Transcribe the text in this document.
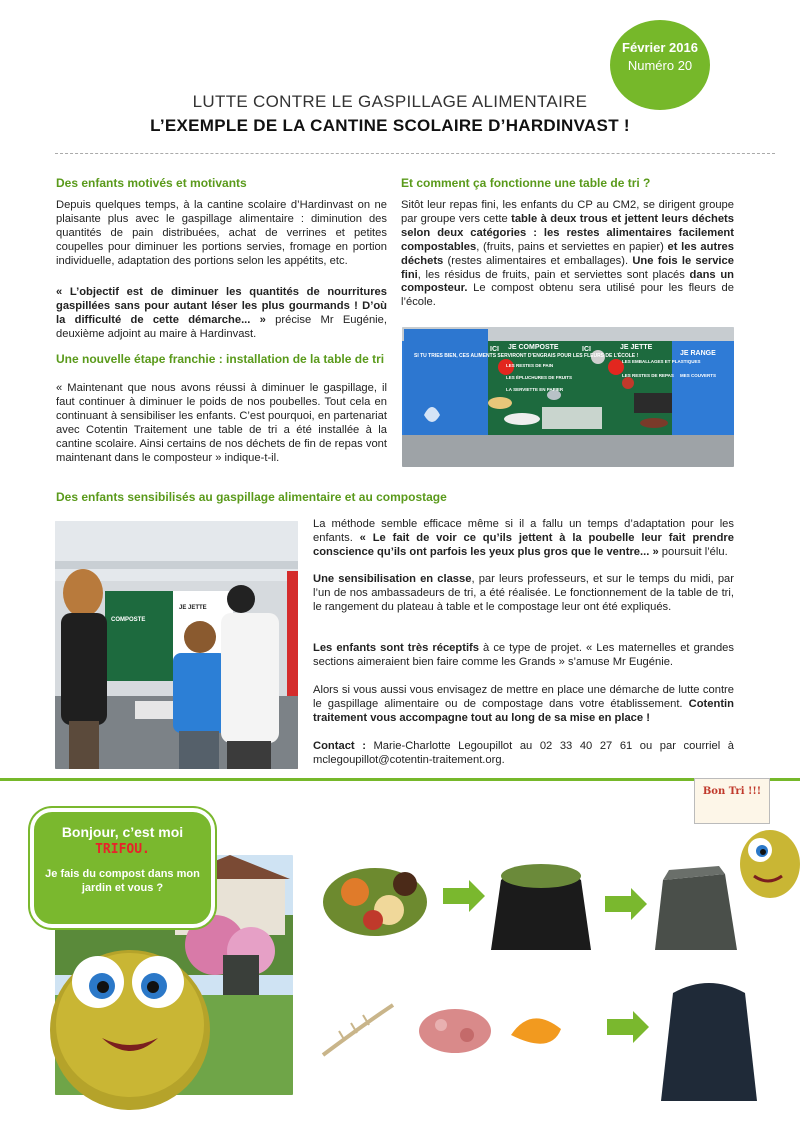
Février 2016
Numéro 20
LUTTE CONTRE LE GASPILLAGE ALIMENTAIRE
L’EXEMPLE DE LA CANTINE SCOLAIRE D’HARDINVAST !
Des enfants motivés et motivants
Depuis quelques temps, à la cantine scolaire d’Hardinvast on ne plaisante plus avec le gaspillage alimentaire : diminution des quantités de pain distribuées, achat de verrines et petites coupelles pour diminuer les portions servies, fromage en portion individuelle, adaptation des portions selon les appétits, etc.
« L’objectif est de diminuer les quantités de nourritures gaspillées sans pour autant léser les plus gourmands ! D’où la difficulté de cette démarche... » précise Mr Eugénie, deuxième adjoint au maire à Hardinvast.
Une nouvelle étape franchie : installation de la table de tri
« Maintenant que nous avons réussi à diminuer le gaspillage, il faut continuer à diminuer le poids de nos poubelles. Tout cela en continuant à sensibiliser les enfants. C’est pourquoi, en partenariat avec Cotentin Traitement une table de tri a été installée à la cantine scolaire. Ainsi certains de nos déchets de fin de repas vont maintenant dans le composteur » indique-t-il.
Et comment ça fonctionne une table de tri ?
Sitôt leur repas fini, les enfants du CP au CM2, se dirigent groupe par groupe vers cette table à deux trous et jettent leurs déchets selon deux catégories : les restes alimentaires facilement compostables, (fruits, pains et serviettes en papier) et les autres déchets (restes alimentaires et emballages). Une fois le service fini, les résidus de fruits, pain et serviettes sont placés dans un composteur. Le compost obtenu sera utilisé pour les fleurs de l’école.
SI TU TRIES BIEN, CES ALIMENTS SERVIRONT D’ENGRAIS POUR LES FLEURS DE L’ÉCOLE !
ICI JE COMPOSTE
LES RESTES DE PAIN
LES ÉPLUCHURES DE FRUITS
LA SERVIETTE EN PAPIER
ICI	JE JETTE
LES EMBALLAGES ET PLASTIQUES
LES RESTES DE REPAS
JE RANGE
MES COUVERTS
Des enfants sensibilisés au gaspillage alimentaire et au compostage
COMPOSTE
JE JETTE
La méthode semble efficace même si il a fallu un temps d’adaptation pour les enfants. « Le fait de voir ce qu’ils jettent à la poubelle leur fait prendre conscience qu’ils ont parfois les yeux plus gros que le ventre... » poursuit l’élu.
Une sensibilisation en classe, par leurs professeurs, et sur le temps du midi, par l’un de nos ambassadeurs de tri, a été réalisée. Le fonctionnement de la table de tri, le rangement du plateau à table et le compostage leur ont été expliqués.
Les enfants sont très réceptifs à ce type de projet. « Les maternelles et grandes sections aimeraient bien faire comme les Grands » s’amuse Mr Eugénie.
Alors si vous aussi vous envisagez de mettre en place une démarche de lutte contre le gaspillage alimentaire ou de compostage dans votre établissement. Cotentin traitement vous accompagne tout au long de sa mise en place !
Contact : Marie-Charlotte Legoupillot au 02 33 40 27 61 ou par courriel à mclegoupillot@cotentin-traitement.org.
Bonjour, c’est moi
TRIFOU.
Je fais du compost dans mon jardin et vous ?
Bon Tri !!!
